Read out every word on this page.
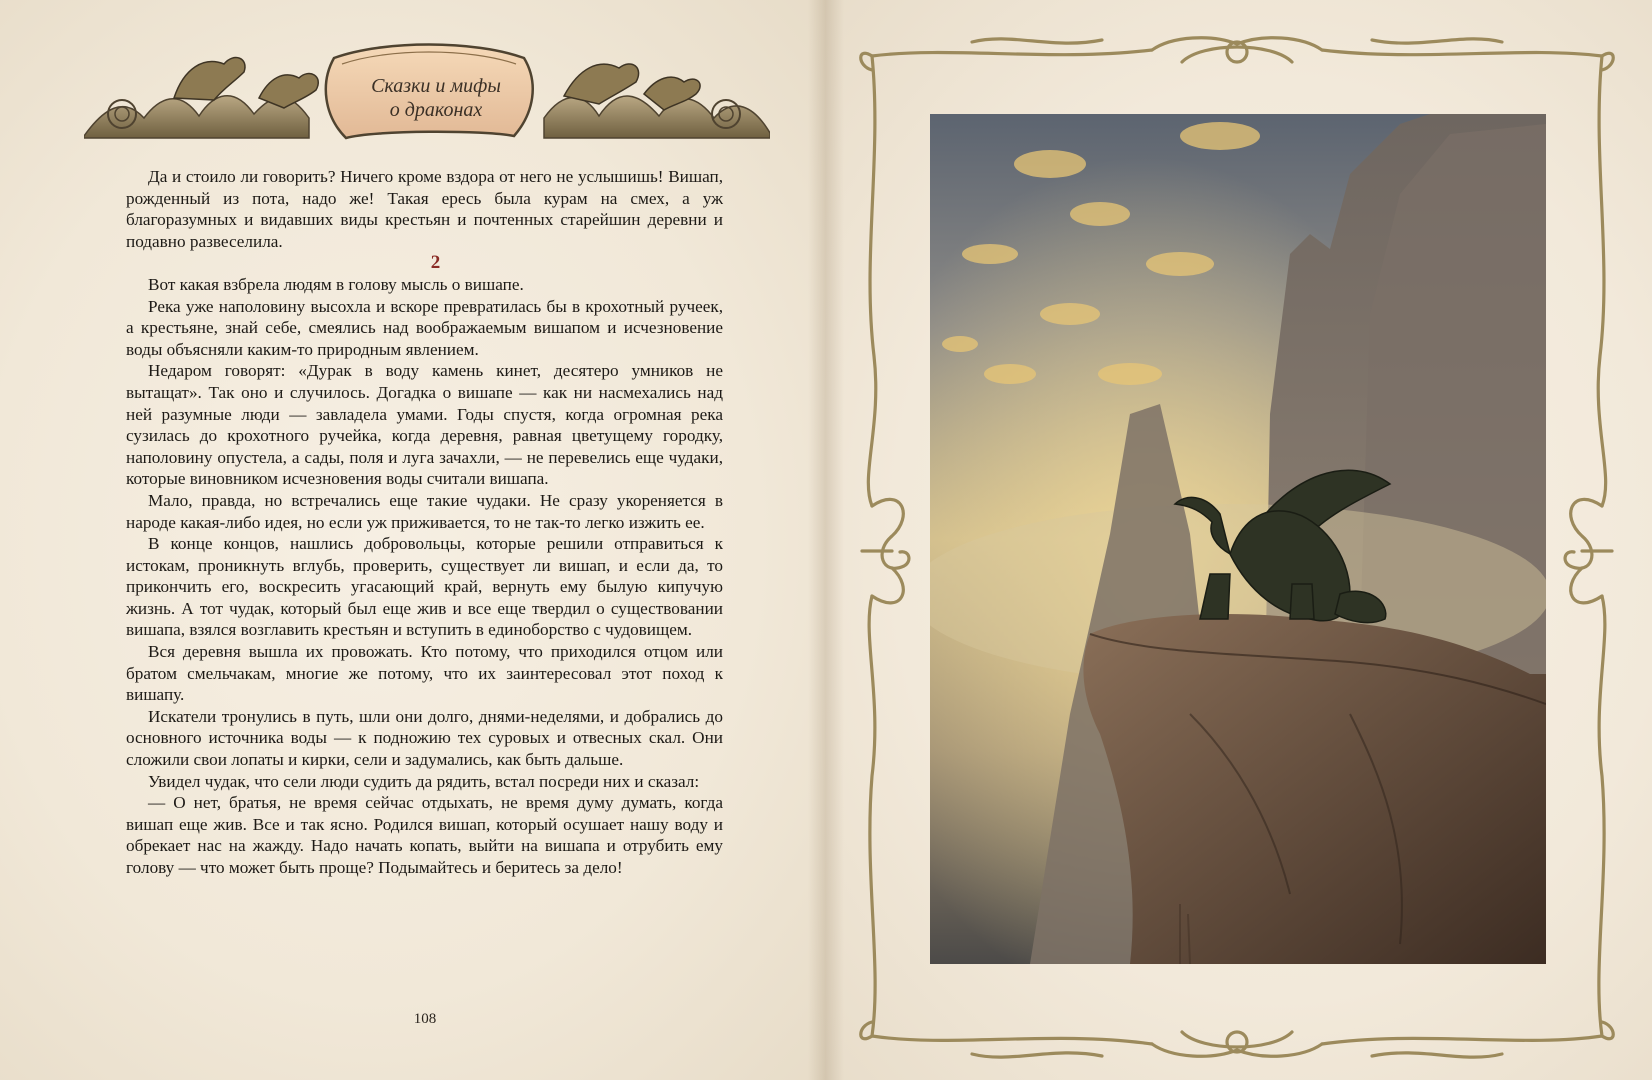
Сказки и мифы
о драконах

Да и стоило ли говорить? Ничего кроме вздора от него не услышишь! Вишап, рожденный из пота, надо же! Такая ересь была курам на смех, а уж благоразумных и видавших виды крестьян и почтенных старейшин деревни и подавно развеселила.

2

Вот какая взбрела людям в голову мысль о вишапе.

Река уже наполовину высохла и вскоре превратилась бы в крохотный ручеек, а крестьяне, знай себе, смеялись над воображаемым вишапом и исчезновение воды объясняли каким-то природным явлением.

Недаром говорят: «Дурак в воду камень кинет, десятеро умников не вытащат». Так оно и случилось. Догадка о вишапе — как ни насмехались над ней разумные люди — завладела умами. Годы спустя, когда огромная река сузилась до крохотного ручейка, когда деревня, равная цветущему городку, наполовину опустела, а сады, поля и луга зачахли, — не перевелись еще чудаки, которые виновником исчезновения воды считали вишапа.

Мало, правда, но встречались еще такие чудаки. Не сразу укореняется в народе какая-либо идея, но если уж приживается, то не так-то легко изжить ее.

В конце концов, нашлись добровольцы, которые решили отправиться к истокам, проникнуть вглубь, проверить, существует ли вишап, и если да, то прикончить его, воскресить угасающий край, вернуть ему былую кипучую жизнь. А тот чудак, который был еще жив и все еще твердил о существовании вишапа, взялся возглавить крестьян и вступить в единоборство с чудовищем.

Вся деревня вышла их провожать. Кто потому, что приходился отцом или братом смельчакам, многие же потому, что их заинтересовал этот поход к вишапу.

Искатели тронулись в путь, шли они долго, днями-неделями, и добрались до основного источника воды — к подножию тех суровых и отвесных скал. Они сложили свои лопаты и кирки, сели и задумались, как быть дальше.

Увидел чудак, что сели люди судить да рядить, встал посреди них и сказал:

— О нет, братья, не время сейчас отдыхать, не время думу думать, когда вишап еще жив. Все и так ясно. Родился вишап, который осушает нашу воду и обрекает нас на жажду. Надо начать копать, выйти на вишапа и отрубить ему голову — что может быть проще? Подымайтесь и беритесь за дело!

108
